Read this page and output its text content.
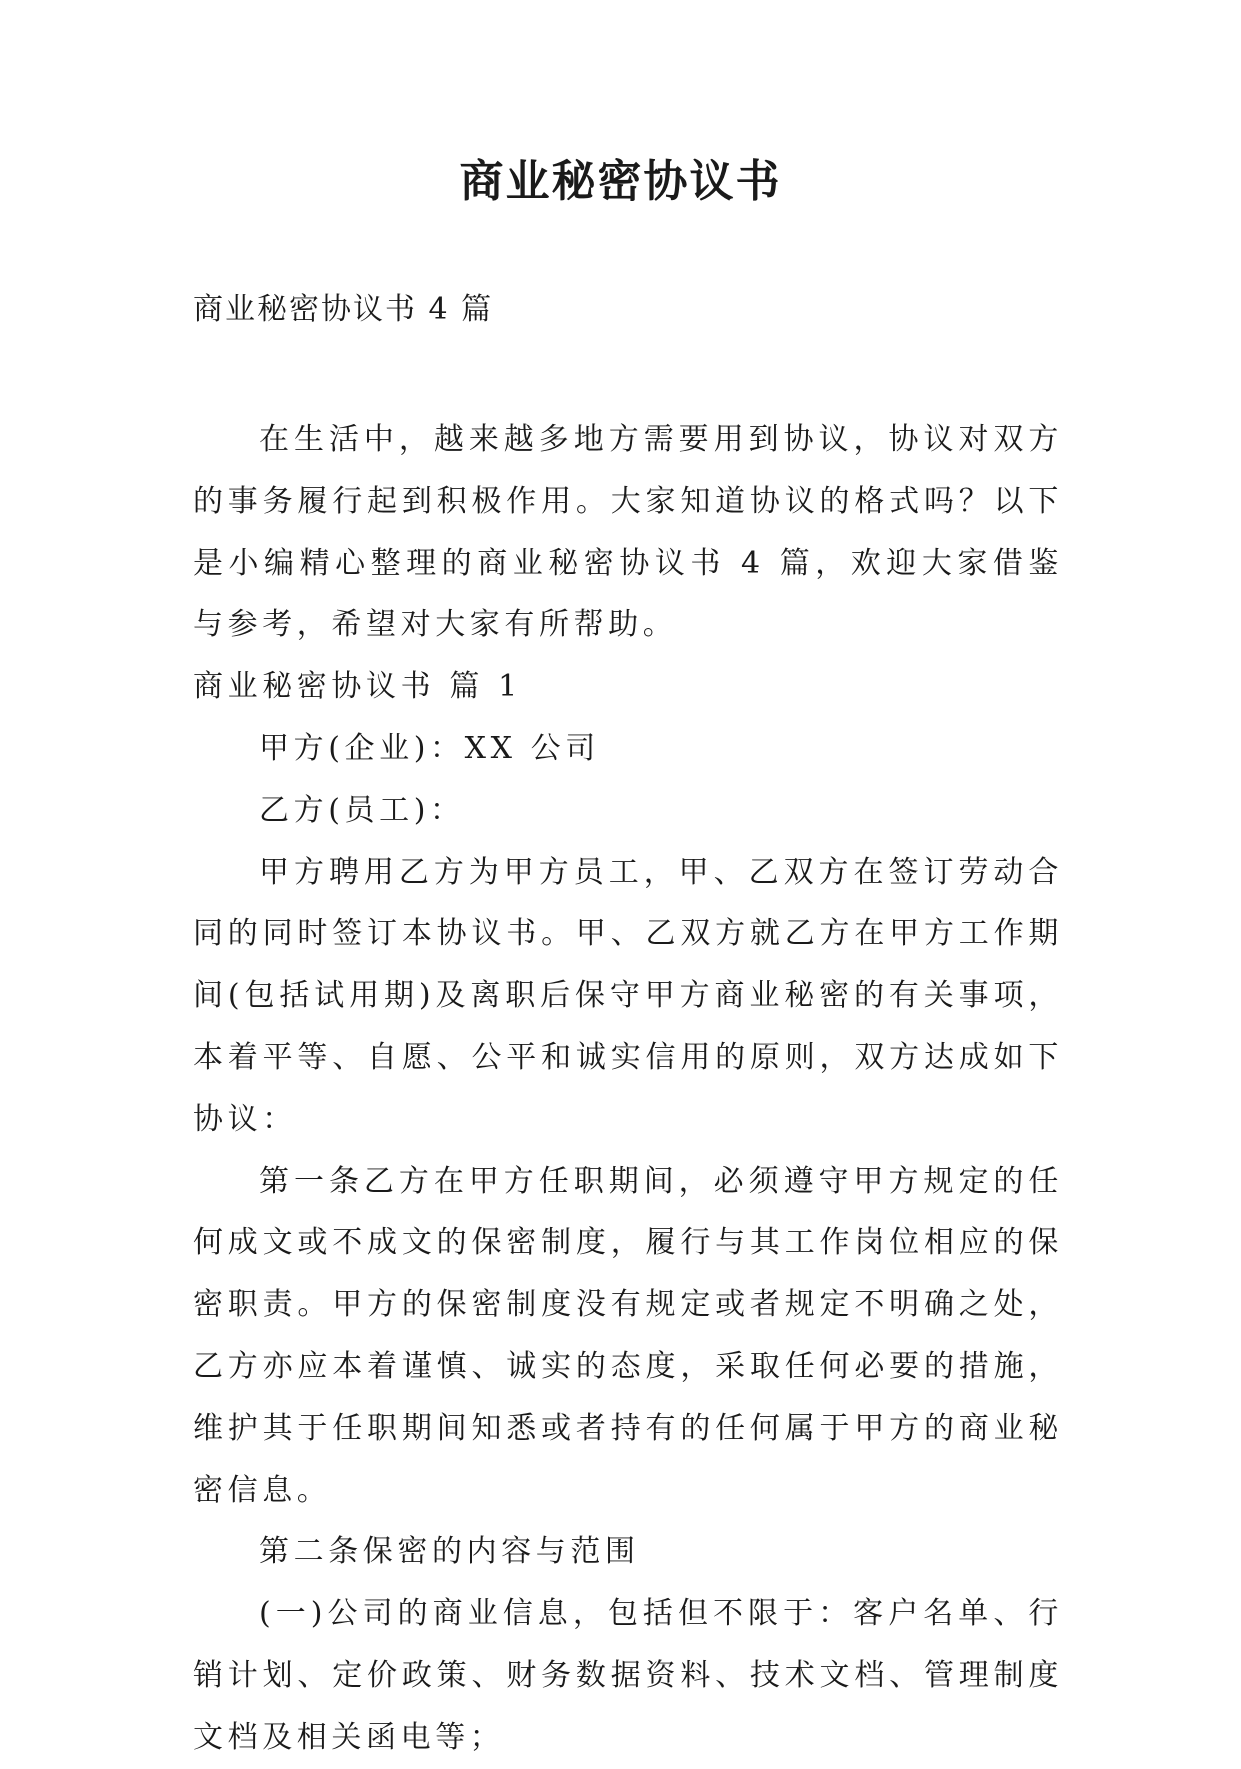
商业秘密协议书
商业秘密协议书 4 篇

在生活中，越来越多地方需要用到协议，协议对双方的事务履行起到积极作用。大家知道协议的格式吗？以下是小编精心整理的商业秘密协议书 4 篇，欢迎大家借鉴与参考，希望对大家有所帮助。

商业秘密协议书 篇 1

甲方(企业)：XX 公司

乙方(员工)：

甲方聘用乙方为甲方员工，甲、乙双方在签订劳动合同的同时签订本协议书。甲、乙双方就乙方在甲方工作期间(包括试用期)及离职后保守甲方商业秘密的有关事项，本着平等、自愿、公平和诚实信用的原则，双方达成如下协议：

第一条乙方在甲方任职期间，必须遵守甲方规定的任何成文或不成文的保密制度，履行与其工作岗位相应的保密职责。甲方的保密制度没有规定或者规定不明确之处，乙方亦应本着谨慎、诚实的态度，采取任何必要的措施，维护其于任职期间知悉或者持有的任何属于甲方的商业秘密信息。

第二条保密的内容与范围

(一)公司的商业信息，包括但不限于：客户名单、行销计划、定价政策、财务数据资料、技术文档、管理制度文档及相关函电等；
